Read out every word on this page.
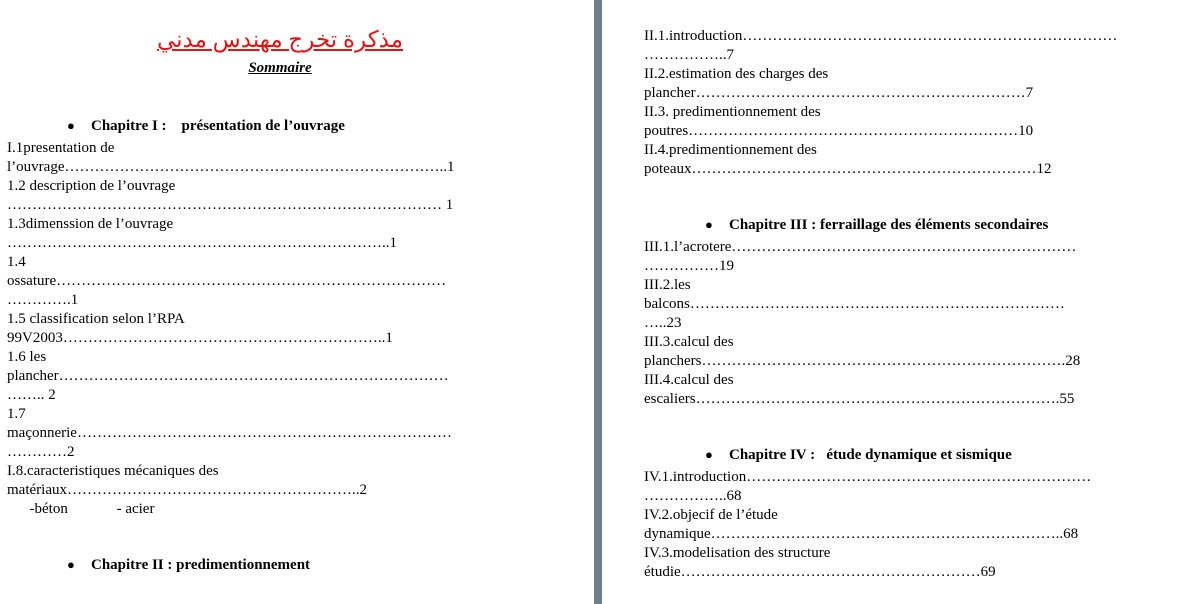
مذكرة تخرج مهندس مدني
Sommaire

● Chapitre I :    présentation de l’ouvrage

I.1presentation de
l’ouvrage…………………………………………………………………..1
1.2 description de l’ouvrage
…………………………………………………………………………… 1
1.3dimenssion de l’ouvrage
…………………………………………………………………..1
1.4
ossature……………………………………………………………………
………….1
1.5 classification selon l’RPA
99V2003………………………………………………………..1
1.6 les
plancher……………………………………………………………………
…….. 2
1.7
maçonnerie…………………………………………………………………
…………2
I.8.caracteristiques mécaniques des
matériaux…………………………………………………..2
-béton             - acier

● Chapitre II : predimentionnement

II.1.introduction…………………………………………………………………
……………..7
II.2.estimation des charges des
plancher…………………………………………………………7
II.3. predimentionnement des
poutres…………………………………………………………10
II.4.predimentionnement des
poteaux……………………………………………………………12

● Chapitre III : ferraillage des éléments secondaires

III.1.l’acrotere……………………………………………………………
……………19
III.2.les
balcons…………………………………………………………………
…..23
III.3.calcul des
planchers……………………………………………………………….28
III.4.calcul des
escaliers……………………………………………………………….55

● Chapitre IV :   étude dynamique et sismique

IV.1.introduction……………………………………………………………
……………..68
IV.2.objecif de l’étude
dynamique……………………………………………………………..68
IV.3.modelisation des structure
étudie……………………………………………………69
